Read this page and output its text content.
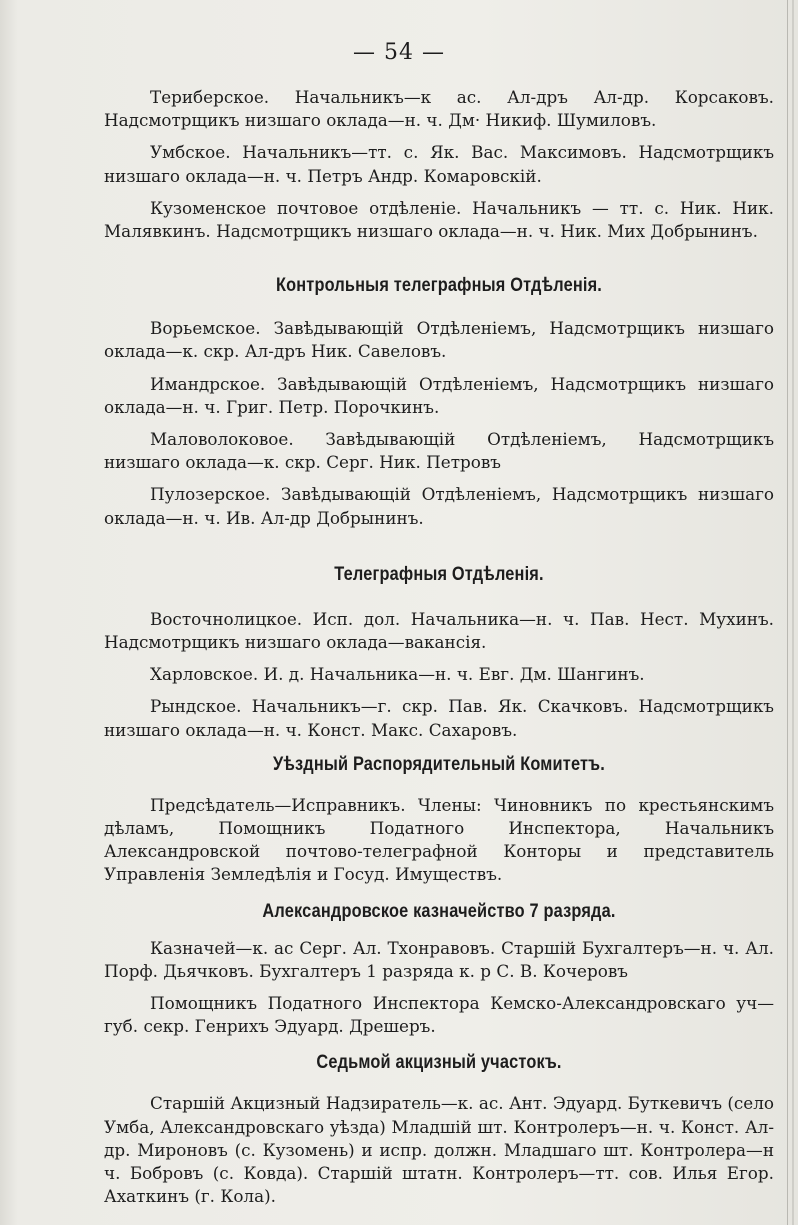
— 54 —

Териберское. Начальникъ—к ас. Ал-дръ Ал-др. Корсаковъ. Надсмотрщикъ низшаго оклада—н. ч. Дм· Никиф. Шумиловъ.

Умбское. Начальникъ—тт. с. Як. Вас. Максимовъ. Надсмотрщикъ низшаго оклада—н. ч. Петръ Андр. Комаровскій.

Кузоменское почтовое отдѣленіе. Начальникъ — тт. с. Ник. Ник. Малявкинъ. Надсмотрщикъ низшаго оклада—н. ч. Ник. Мих Добрынинъ.

Контрольныя телеграфныя Отдѣленія.

Ворьемское. Завѣдывающій Отдѣленіемъ, Надсмотрщикъ низшаго оклада—к. скр. Ал-дръ Ник. Савеловъ.

Имандрское. Завѣдывающій Отдѣленіемъ, Надсмотрщикъ низшаго оклада—н. ч. Григ. Петр. Порочкинъ.

Маловолоковое. Завѣдывающій Отдѣленіемъ, Надсмотрщикъ низшаго оклада—к. скр. Серг. Ник. Петровъ

Пулозерское. Завѣдывающій Отдѣленіемъ, Надсмотрщикъ низшаго оклада—н. ч. Ив. Ал-др Добрынинъ.

Телеграфныя Отдѣленія.

Восточнолицкое. Исп. дол. Начальника—н. ч. Пав. Нест. Мухинъ. Надсмотрщикъ низшаго оклада—вакансія.

Харловское. И. д. Начальника—н. ч. Евг. Дм. Шангинъ.

Рындское. Начальникъ—г. скр. Пав. Як. Скачковъ. Надсмотрщикъ низшаго оклада—н. ч. Конст. Макс. Сахаровъ.

Уѣздный Распорядительный Комитетъ.

Предсѣдатель—Исправникъ. Члены: Чиновникъ по крестьянскимъ дѣламъ, Помощникъ Податного Инспектора, Начальникъ Александровской почтово-телеграфной Конторы и представитель Управленія Земледѣлія и Госуд. Имуществъ.

Александровское казначейство 7 разряда.

Казначей—к. ас Серг. Ал. Тхонравовъ. Старшій Бухгалтеръ—н. ч. Ал. Порф. Дьячковъ. Бухгалтеръ 1 разряда к. р С. В. Кочеровъ

Помощникъ Податного Инспектора Кемско-Александровскаго уч— губ. секр. Генрихъ Эдуард. Дрешеръ.

Седьмой акцизный участокъ.

Старшій Акцизный Надзиратель—к. ас. Ант. Эдуард. Буткевичъ (село Умба, Александровскаго уѣзда) Младшій шт. Контролеръ—н. ч. Конст. Ал-др. Мироновъ (с. Кузомень) и испр. должн. Младшаго шт. Контролера—н ч. Бобровъ (с. Ковда). Старшій штатн. Контролеръ—тт. сов. Илья Егор. Ахаткинъ (г. Кола).
